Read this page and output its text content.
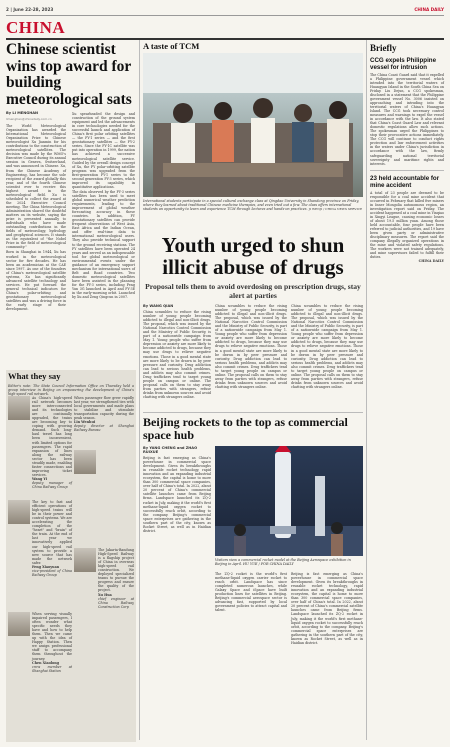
2 | June 22-28, 2023	CHINA DAILY
CHINA
Chinese scientist wins top award for building meteorological sats
By LI MENGHAN
limenghan@chinadaily.com.cn
The World Meteorological Organization has awarded the International Meteorological Organization Prize to Chinese meteorologist Xu Jianmin for his contributions to the construction of meteorological satellites. The decision was made by the WMO's Executive Council during its annual session in Geneva, Switzerland, and was announced in Chinese. Xu, from the Chinese Academy of Engineering, has become the sole recipient of the award globally this year, and of the fourth Chinese scientist ever to receive this highest award in the meteorological field. Xu is scheduled to collect the award at the 2024 Executive Council meeting. The China Meteorological Administration shared the doubtful matters on its website, saying the prize is presented annually to individuals who have made outstanding contributions in the fields of meteorology, hydrology and geophysical sciences. It stands as the equivalent of "the Nobel Prize in the field of meteorological community."
Born in Shanghai in 1944, Xu has worked in the meteorological sector for five decades. He has been an academician at the CAE since 1997. As one of the founders of China's meteorological satellite systems, Xu has significantly advanced satellite technology and services. He put forward the general technical indicators for China's polar-orbiting and geostationary meteorological satellites and was a driving force in the early stage of their development.
Xu spearheaded the design and construction of the ground system equipment and led the advancements in core technologies needed for the successful launch and application of China's first polar orbiting satellites — the FY-1 series — and the first geostationary satellites — the FY-2 series. Since the FY-1C satellite was put into operation in 1999, the nation has achieved a successive meteorological satellite service. Guided by the overall design concept of Xu, the FY polar-orbiting satellite program was upgraded from the first-generation FY-1 series to the second generation FY-3 series, which improved its capability in quantitative applications.
The data observed by the FY-3 series satellites has been used to meet global numerical weather prediction requirements, leading to the improvement of global weather forecasting accuracy in these countries. In addition, FY geostationary satellites can provide frequent observations of West Asia, East Africa and the Indian Ocean, and offer real-time data to international meteorological users. They also provide technical support to the ground receiving stations. The FY satellites have been operated 24 years and served as an indispensable tool for global meteorological or environmental events under the guidance of an emergency support mechanism for international users of Belt and Road countries. Two domestic meteorological satellites have been assisted in the planning for the FY-3 series, including Feng Yun 3G launched in April and FY-3E in the early-morning orbit. Launched by Xu and Zeng Qingcun in 2007.
What they say
Editor's note: The State Council Information Office on Thursday held a group interview in Beijing on empowering the development of China's high-speed rail network.
As China's high-speed rail network becomes more interconnected and its technologies are continually upgraded, the trains are becoming key to coping with growing demand. Such long-haul travel has long been inconvenient, with limited options for passengers. The rapid expansion of lines along the railway sector has been steadily made, enabling faster connections and improving ticket services.
Wang Yi
deputy manager of China Railway Group
When passenger flow grew rapidly last year, we strengthened ties with local governments and made plans to stabilize and stimulate transportation capacity during the peak season.
Lin Wenhui
deputy director at Shanghai Railway Bureau
The key to fast and efficient operations of high-speed trains will be in their power and control systems. We are accelerating the completion of the "heart" and "brain" of the train. At the end of last year we innovatively applied our high-speed rail system to provide a new source that has made the network safer.
Feng Xiaoyuan
vice-president of China Railway Group
The Jakarta-Bandung High-Speed Railway is a flagship project of China in overseas high-speed rail construction. We deployed specialized teams to pursue the progress and ensure the quality of the project.
Xu Hua
chief engineer at China Railway Construction Corp
When serving visually impaired passengers, I often wonder what specific needs they have and how to help them. Then we came up with the idea of Happy Station. Then we assign professional staff to accompany them throughout the journey.
Chen Xiaolong
crew member at Shanghai Station
A taste of TCM
International students participate in a special cultural exchange class at Qingdao University in Shandong province on Friday, where they learned about traditional Chinese medicine therapies, and even tried out a few. The class offers international students an opportunity to learn and experience TCM through lectures and hands-on practices. JI WENJI / CHINA NEWS SERVICE
Youth urged to shun illicit abuse of drugs
Proposal tells them to avoid overdosing on prescription drugs, stay alert at parties
By WANG QIAN
China scrambles to reduce the rising number of young people becoming addicted to illegal and non-illicit drugs. The proposal, which was issued by the National Narcotics Control Commission and the Ministry of Public Security, is part of a nationwide campaign from May 1. Young people who suffer from depression or anxiety are more likely to become addicted to drugs, because they may use drugs to relieve negative emotions. Those in a good mental state are more likely to be drawn in by peer pressure and curiosity. Drug addiction can lead to serious health problems, and addicts may also commit crimes. Drug traffickers tend to target young people on campus or online. The proposal calls on them to stay away from parties with strangers, refuse drinks from unknown sources and avoid chatting with strangers online.
China scrambles to reduce the rising number of young people becoming addicted to illegal and non-illicit drugs. The proposal, which was issued by the National Narcotics Control Commission and the Ministry of Public Security, is part of a nationwide campaign from May 1. Young people who suffer from depression or anxiety are more likely to become addicted to drugs, because they may use drugs to relieve negative emotions. Those in a good mental state are more likely to be drawn in by peer pressure and curiosity. Drug addiction can lead to serious health problems, and addicts may also commit crimes. Drug traffickers tend to target young people on campus or online. The proposal calls on them to stay away from parties with strangers, refuse drinks from unknown sources and avoid chatting with strangers online.
China scrambles to reduce the rising number of young people becoming addicted to illegal and non-illicit drugs. The proposal, which was issued by the National Narcotics Control Commission and the Ministry of Public Security, is part of a nationwide campaign from May 1. Young people who suffer from depression or anxiety are more likely to become addicted to drugs, because they may use drugs to relieve negative emotions. Those in a good mental state are more likely to be drawn in by peer pressure and curiosity. Drug addiction can lead to serious health problems, and addicts may also commit crimes. Drug traffickers tend to target young people on campus or online. The proposal calls on them to stay away from parties with strangers, refuse drinks from unknown sources and avoid chatting with strangers online.
Beijing rockets to the top as commercial space hub
By YANG CHENG and ZHAO RUIXUE
Beijing is fast emerging as China's powerhouse in commercial space development. Given its breakthroughs in reusable rocket technology, rapid innovation and an expanding industrial ecosystem, the capital is home to more than 300 commercial space companies, over half of China's total. In 2022, about 20 percent of China's commercial satellite launches came from Beijing firms. Landspace launched its ZQ-2 rocket in July, making it the world's first methane-liquid oxygen rocket to successfully reach orbit, according to the company. Beijing's commercial space enterprises are gathering in the southern part of the city, known as Rocket Street, as well as in Haidian district.
Visitors view a commercial rocket model at the Beijing Aerospace exhibition in Beijing in April. HU YUE / FOR CHINA DAILY
The ZQ-2 rocket is the world's first methane-liquid oxygen carrier rocket to reach orbit. Landspace has since completed numerous launches, while Galaxy Space and iSpace have built production lines for satellites in Beijing. Beijing's commercial aerospace sector is advancing fast, supported by local government policies to attract capital and talent.
Beijing is fast emerging as China's powerhouse in commercial space development. Given its breakthroughs in reusable rocket technology, rapid innovation and an expanding industrial ecosystem, the capital is home to more than 300 commercial space companies, over half of China's total. In 2022, about 20 percent of China's commercial satellite launches came from Beijing firms. Landspace launched its ZQ-2 rocket in July, making it the world's first methane-liquid oxygen rocket to successfully reach orbit, according to the company. Beijing's commercial space enterprises are gathering in the southern part of the city, known as Rocket Street, as well as in Haidian district.
Briefly
CCG expels Philippine vessel for intrusion
The China Coast Guard said that it expelled a Philippine government vessel which intruded into the territorial waters of Huangyan Island in the South China Sea on Friday. Liu Dejun, a CCG spokesman, disclosed in a statement that the Philippine government vessel No. 3006 insisted on approaching and intruding into the territorial waters of China's Huangyan Island. The CCG took necessary control measures and warnings to expel the vessel in accordance with the law. It also stated that China's Coast Guard Law and relevant domestic regulations allow such actions. The spokesman urged the Philippines to stop their provocative actions immediately. The CCG will continue to conduct rights protection and law enforcement activities in the waters under China's jurisdiction in accordance with the law, firmly safeguarding national territorial sovereignty and maritime rights and interests.
23 held accountable for mine accident
A total of 23 people are deemed to be responsible for a coal mine accident that occurred in February that killed five miners in Inner Mongolia autonomous region, an investigation report said on Friday. The accident happened at a coal mine in Yinqiao in Xingyi League, causing economic losses of about 19.5 million yuan. Among those held accountable, four people have been referred to judicial authorities, and 19 have been given party or administrative disciplinary measures. The report said the company illegally organized operations in the mine and violated safety regulations. The workers were not trained adequately, and mine supervisors failed to fulfill their duties.
CHINA DAILY
